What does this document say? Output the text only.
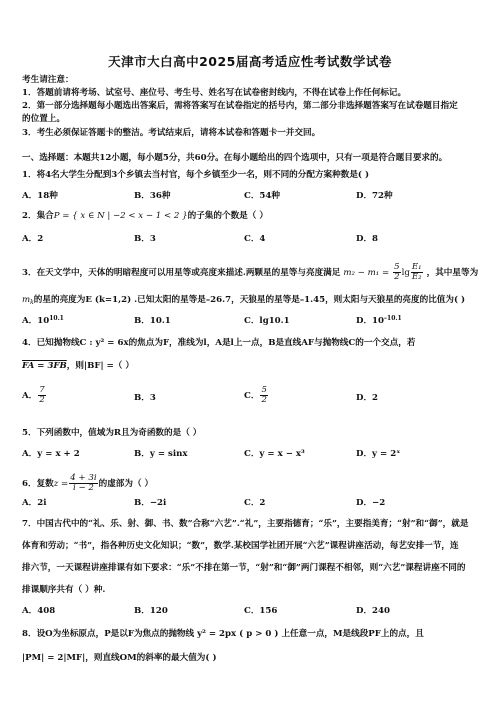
天津市大白高中2025届高考适应性考试数学试卷
考生请注意：
1．答题前请将考场、试室号、座位号、考生号、姓名写在试卷密封线内，不得在试卷上作任何标记。
2．第一部分选择题每小题选出答案后，需将答案写在试卷指定的括号内，第二部分非选择题答案写在试卷题目指定
的位置上。
3．考生必须保证答题卡的整洁。考试结束后，请将本试卷和答题卡一并交回。
一、选择题：本题共12小题，每小题5分，共60分。在每小题给出的四个选项中，只有一项是符合题目要求的。
1．将4名大学生分配到3个乡镇去当村官，每个乡镇至少一名，则不同的分配方案种数是( )
A．18种	B．36种	C．54种	D．72种
2．集合P = { x ∈ N | −2 < x − 1 < 2 }的子集的个数是（ ）
A．2	B．3	C．4	D．8
3．在天文学中，天体的明暗程度可以用星等或亮度来描述.两颗星的星等与亮度满足 $m_2 - m_1 = \frac{5}{2}$ $\lg \frac{\text{E₁}}{\text{E₂}}$ ，其中星等为
$m_k$的星的亮度为E (k=1,2) .已知太阳的星等是–26.7，天狼星的星等是–1.45，则太阳与天狼星的亮度的比值为( )
A．$10^{10.1}$	B．10.1	C．lg10.1	D．$10^{-10.1}$
4．已知抛物线C : y² = 6x的焦点为F，准线为l，A是l上一点，B是直线AF与抛物线C的一个交点，若
FA = 3FB，则|BF| =（ ）
A． $\frac{7}{2}$	B．3	C． $\frac{5}{2}$	D．2
5．下列函数中，值域为R且为奇函数的是（ ）
A．y = x + 2	B．y = sinx	C．y = x − x³	D．y = 2ˣ
6．复数$z = \frac{4 + 3i}{i - 2}$ 的虚部为（ ）
A．2i	B．−2i	C．2	D．−2
7．中国古代中的“礼、乐、射、御、书、数”合称“六艺”.“礼”，主要指德育；“乐”，主要指美育；“射”和“御”，就是
体育和劳动；“书”，指各种历史文化知识；“数”，数学.某校国学社团开展“六艺”课程讲座活动，每艺安排一节，连
排六节，一天课程讲座排课有如下要求：“乐”不排在第一节，“射”和“御”两门课程不相邻，则“六艺”课程讲座不同的
排课顺序共有（ ）种.
A．408	B．120	C．156	D．240
8．设O为坐标原点，P是以F为焦点的抛物线 y² = 2px ( p > 0 ) 上任意一点，M是线段PF上的点，且
|PM| = 2|MF|，则直线OM的斜率的最大值为( )
